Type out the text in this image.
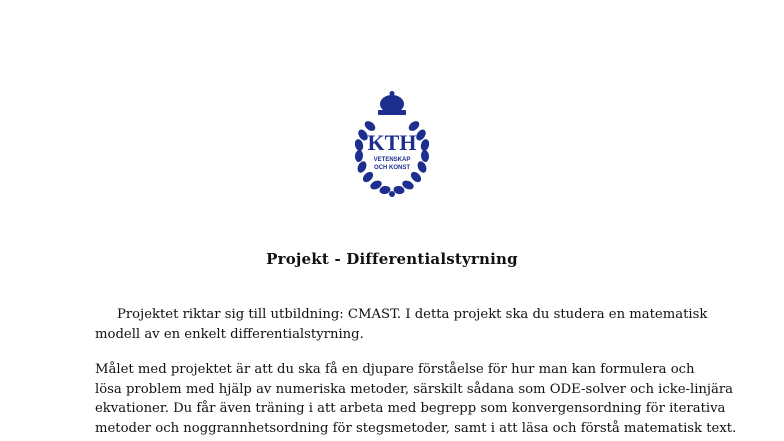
KTH
VETENSKAP
OCH KONST
Projekt - Differentialstyrning
Projektet riktar sig till utbildning: CMAST. I detta projekt ska du studera en matematisk
modell av en enkelt differentialstyrning.
Målet med projektet är att du ska få en djupare förståelse för hur man kan formulera och
lösa problem med hjälp av numeriska metoder, särskilt sådana som ODE-solver och icke-linjära
ekvationer. Du får även träning i att arbeta med begrepp som konvergensordning för iterativa
metoder och noggrannhetsordning för stegsmetoder, samt i att läsa och förstå matematisk text.
